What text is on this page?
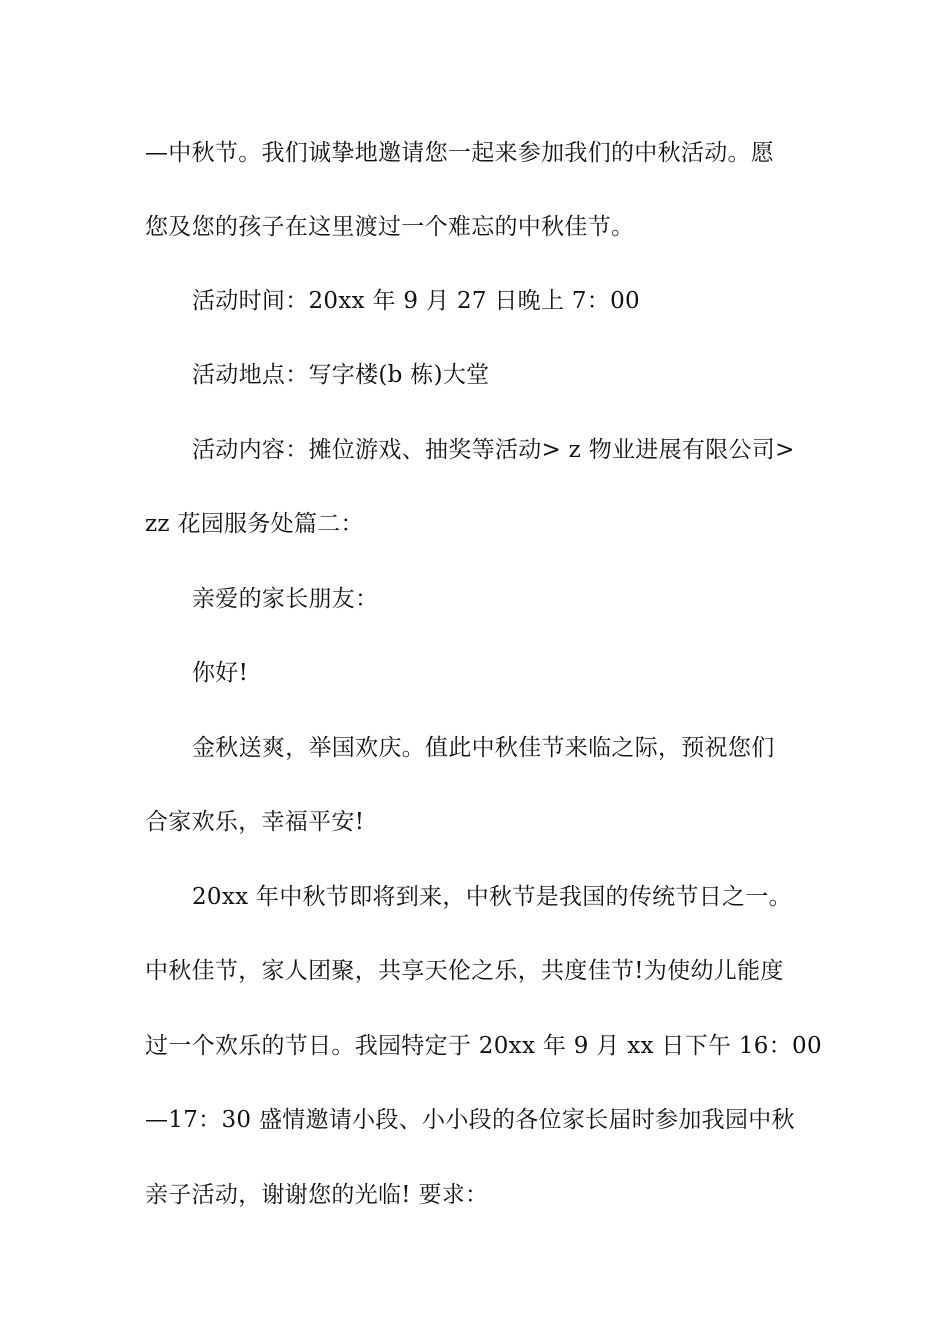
—中秋节。我们诚挚地邀请您一起来参加我们的中秋活动。愿
您及您的孩子在这里渡过一个难忘的中秋佳节。
活动时间：20xx 年 9 月 27 日晚上 7：00
活动地点：写字楼(b 栋)大堂
活动内容：摊位游戏、抽奖等活动> z 物业进展有限公司>
zz 花园服务处篇二：
亲爱的家长朋友：
你好!
金秋送爽，举国欢庆。值此中秋佳节来临之际，预祝您们
合家欢乐，幸福平安!
20xx 年中秋节即将到来，中秋节是我国的传统节日之一。
中秋佳节，家人团聚，共享天伦之乐，共度佳节!为使幼儿能度
过一个欢乐的节日。我园特定于 20xx 年 9 月 xx 日下午 16：00
—17：30 盛情邀请小段、小小段的各位家长届时参加我园中秋
亲子活动，谢谢您的光临! 要求：
